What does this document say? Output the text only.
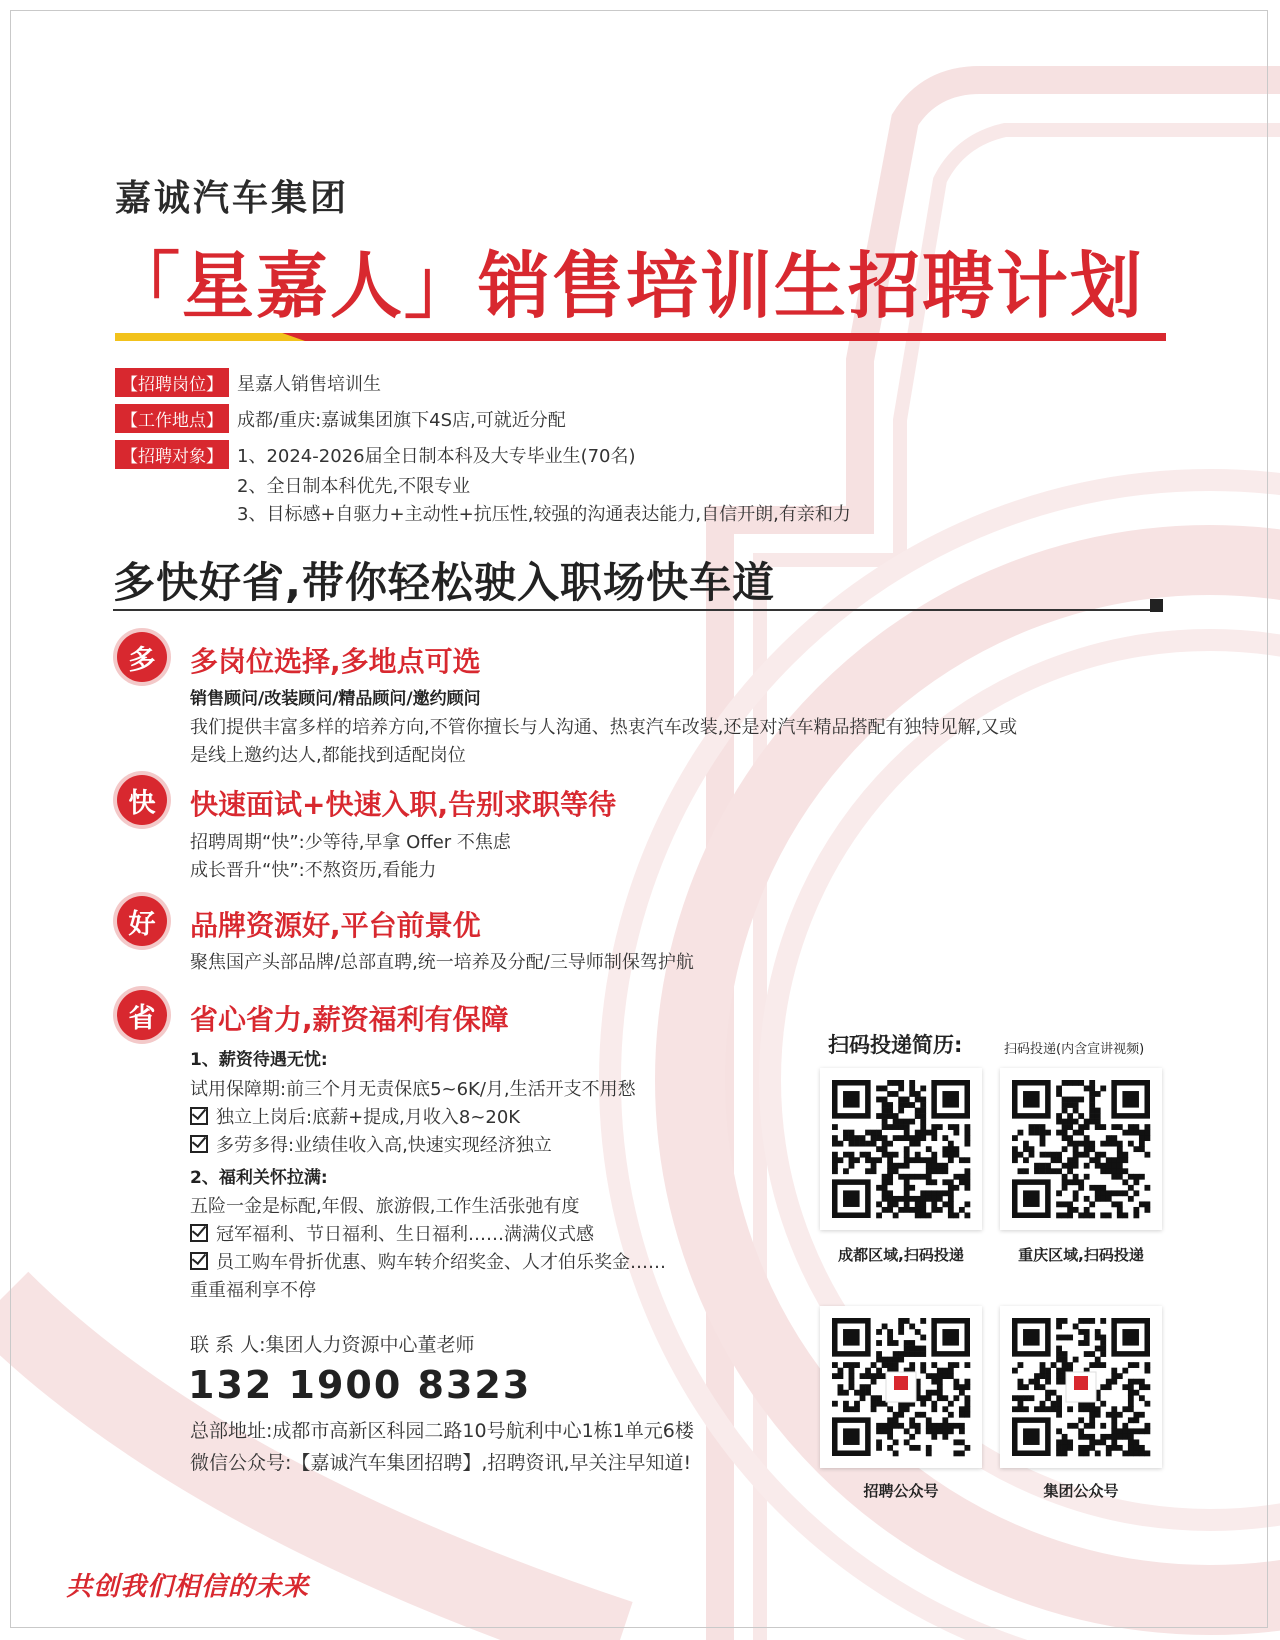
嘉诚汽车集团
「星嘉人」销售培训生招聘计划
【招聘岗位】 星嘉人销售培训生
【工作地点】 成都/重庆:嘉诚集团旗下4S店,可就近分配
【招聘对象】 1、2024-2026届全日制本科及大专毕业生(70名)
2、全日制本科优先,不限专业
3、目标感+自驱力+主动性+抗压性,较强的沟通表达能力,自信开朗,有亲和力
多快好省,带你轻松驶入职场快车道
多	多岗位选择,多地点可选
销售顾问/改装顾问/精品顾问/邀约顾问
我们提供丰富多样的培养方向,不管你擅长与人沟通、热衷汽车改装,还是对汽车精品搭配有独特见解,又或
是线上邀约达人,都能找到适配岗位
快	快速面试+快速入职,告别求职等待
招聘周期“快”:少等待,早拿 Offer 不焦虑
成长晋升“快”:不熬资历,看能力
好	品牌资源好,平台前景优
聚焦国产头部品牌/总部直聘,统一培养及分配/三导师制保驾护航
省	省心省力,薪资福利有保障
1、薪资待遇无忧:
试用保障期:前三个月无责保底5~6K/月,生活开支不用愁
独立上岗后:底薪+提成,月收入8~20K
多劳多得:业绩佳收入高,快速实现经济独立
2、福利关怀拉满:
五险一金是标配,年假、旅游假,工作生活张弛有度
冠军福利、节日福利、生日福利……满满仪式感
员工购车骨折优惠、购车转介绍奖金、人才伯乐奖金……
重重福利享不停
联 系 人:集团人力资源中心董老师
132 1900 8323
总部地址:成都市高新区科园二路10号航利中心1栋1单元6楼
微信公众号:【嘉诚汽车集团招聘】,招聘资讯,早关注早知道!
扫码投递简历:	扫码投递(内含宣讲视频)
成都区域,扫码投递	重庆区域,扫码投递
招聘公众号	集团公众号
共创我们相信的未来
